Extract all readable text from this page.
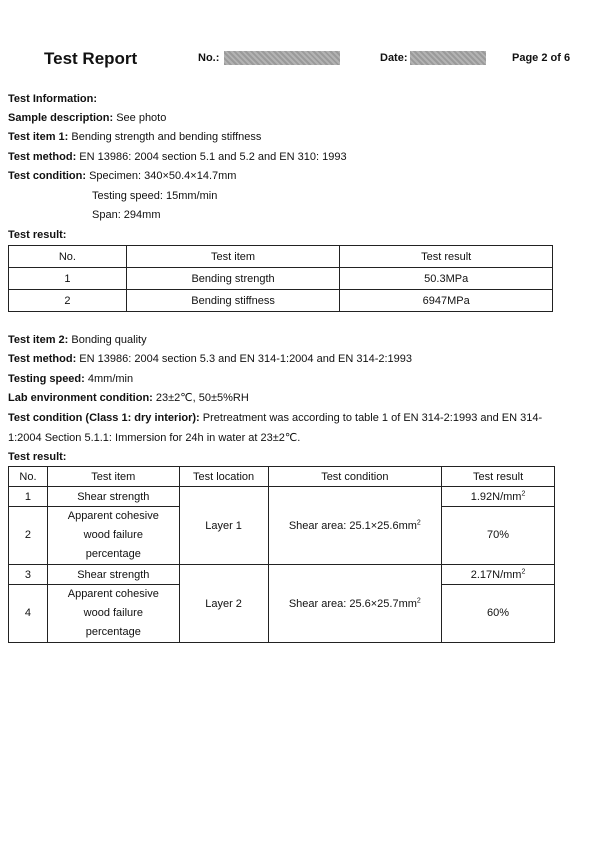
Test Report	No.:	Date:	Page 2 of 6
Test Information:
Sample description: See photo
Test item 1: Bending strength and bending stiffness
Test method: EN 13986: 2004 section 5.1 and 5.2 and EN 310: 1993
Test condition: Specimen: 340×50.4×14.7mm
Testing speed: 15mm/min
Span: 294mm
Test result:
No.	Test item	Test result
1	Bending strength	50.3MPa
2	Bending stiffness	6947MPa
Test item 2: Bonding quality
Test method: EN 13986: 2004 section 5.3 and EN 314-1:2004 and EN 314-2:1993
Testing speed: 4mm/min
Lab environment condition: 23±2℃, 50±5%RH
Test condition (Class 1: dry interior): Pretreatment was according to table 1 of EN 314-2:1993 and EN 314-
1:2004 Section 5.1.1: Immersion for 24h in water at 23±2℃.
Test result:
No.	Test item	Test location	Test condition	Test result
1	Shear strength	Layer 1	Shear area: $25.1\times 25.6mm^2$	$1.92N/mm^2$
2	Apparent cohesive
wood failure
percentage			70%
3	Shear strength	Layer 2	Shear area: $25.6\times 25.7mm^2$	$2.17N/mm^2$
4	Apparent cohesive
wood failure
percentage			60%
